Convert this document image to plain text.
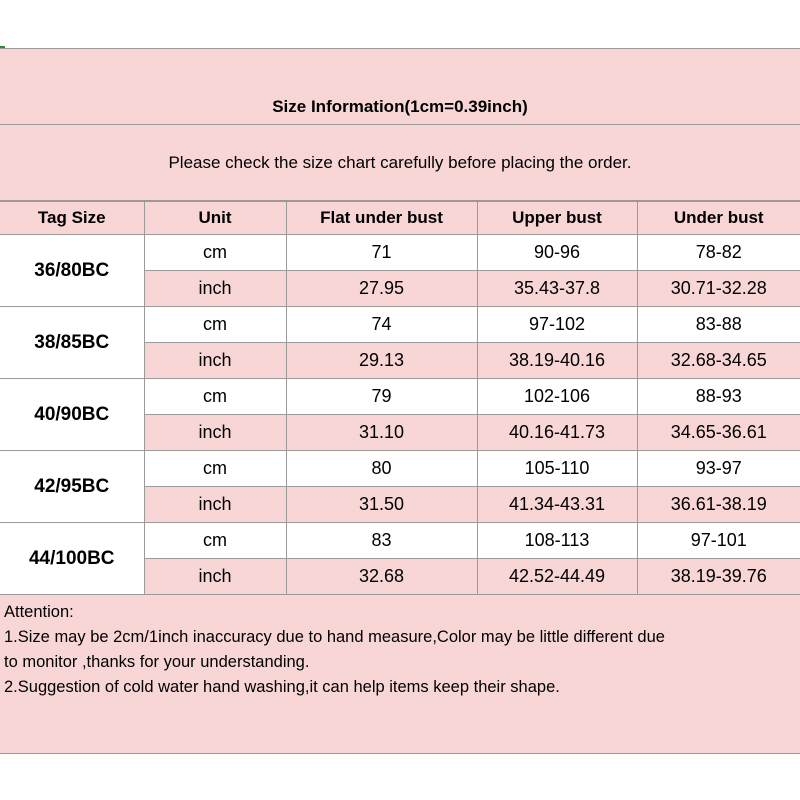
Size Information(1cm=0.39inch)
Please check the size chart carefully before placing the order.
Tag Size	Unit	Flat under bust	Upper bust	Under bust
36/80BC	cm	71	90-96	78-82
	inch	27.95	35.43-37.8	30.71-32.28
38/85BC	cm	74	97-102	83-88
	inch	29.13	38.19-40.16	32.68-34.65
40/90BC	cm	79	102-106	88-93
	inch	31.10	40.16-41.73	34.65-36.61
42/95BC	cm	80	105-110	93-97
	inch	31.50	41.34-43.31	36.61-38.19
44/100BC	cm	83	108-113	97-101
	inch	32.68	42.52-44.49	38.19-39.76
Attention:
1.Size may be 2cm/1inch inaccuracy due to hand measure,Color may be little different due
to monitor ,thanks for your understanding.
2.Suggestion of cold water hand washing,it can help items keep their shape.
